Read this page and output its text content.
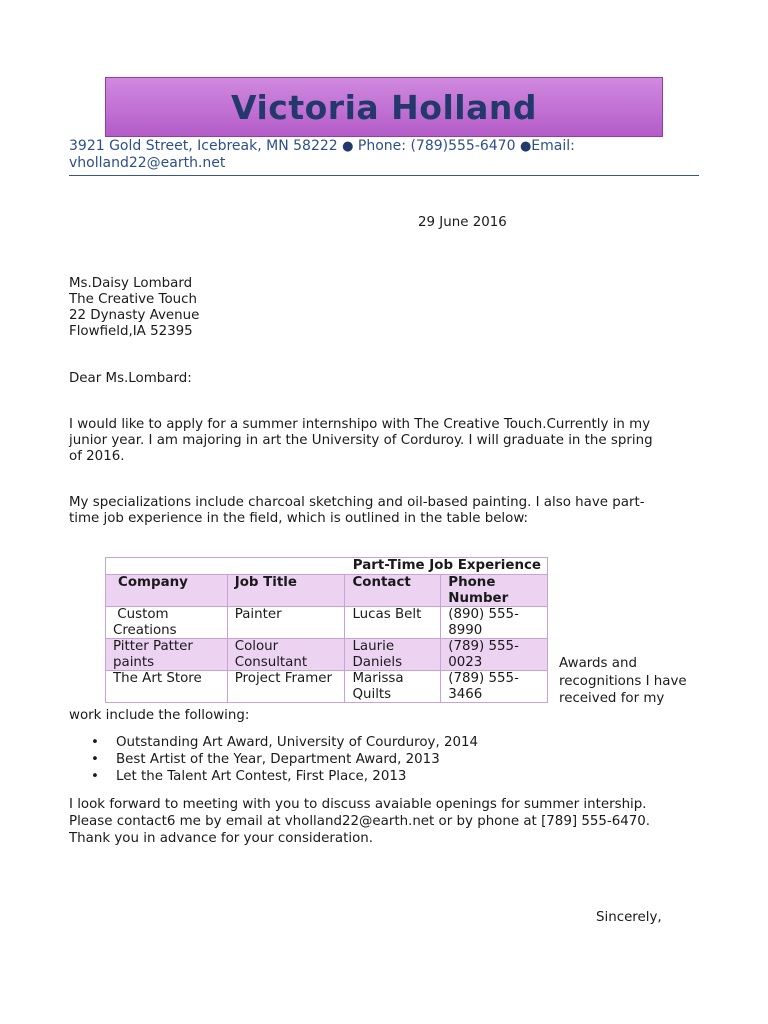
Victoria Holland
3921 Gold Street, Icebreak, MN 58222 ● Phone: (789)555-6470 ●Email:
vholland22@earth.net
29 June 2016
Ms.Daisy Lombard
The Creative Touch
22 Dynasty Avenue
Flowfield,IA 52395
Dear Ms.Lombard:
I would like to apply for a summer internshipo with The Creative Touch.Currently in my
junior year. I am majoring in art the University of Corduroy. I will graduate in the spring
of 2016.
My specializations include charcoal sketching and oil-based painting. I also have part-
time job experience in the field, which is outlined in the table below:
Part-Time Job Experience			
Company	Job Title	Contact	Phone Number
Custom Creations	Painter	Lucas Belt	(890) 555-8990
Pitter Patter paints	Colour Consultant	Laurie Daniels	(789) 555-0023
The Art Store	Project Framer	Marissa Quilts	(789) 555-3466
Awards and
recognitions I have
received for my
work include the following:
• Outstanding Art Award, University of Courduroy, 2014
• Best Artist of the Year, Department Award, 2013
• Let the Talent Art Contest, First Place, 2013
I look forward to meeting with you to discuss avaiable openings for summer intership.
Please contact6 me by email at vholland22@earth.net or by phone at [789] 555-6470.
Thank you in advance for your consideration.
Sincerely,
